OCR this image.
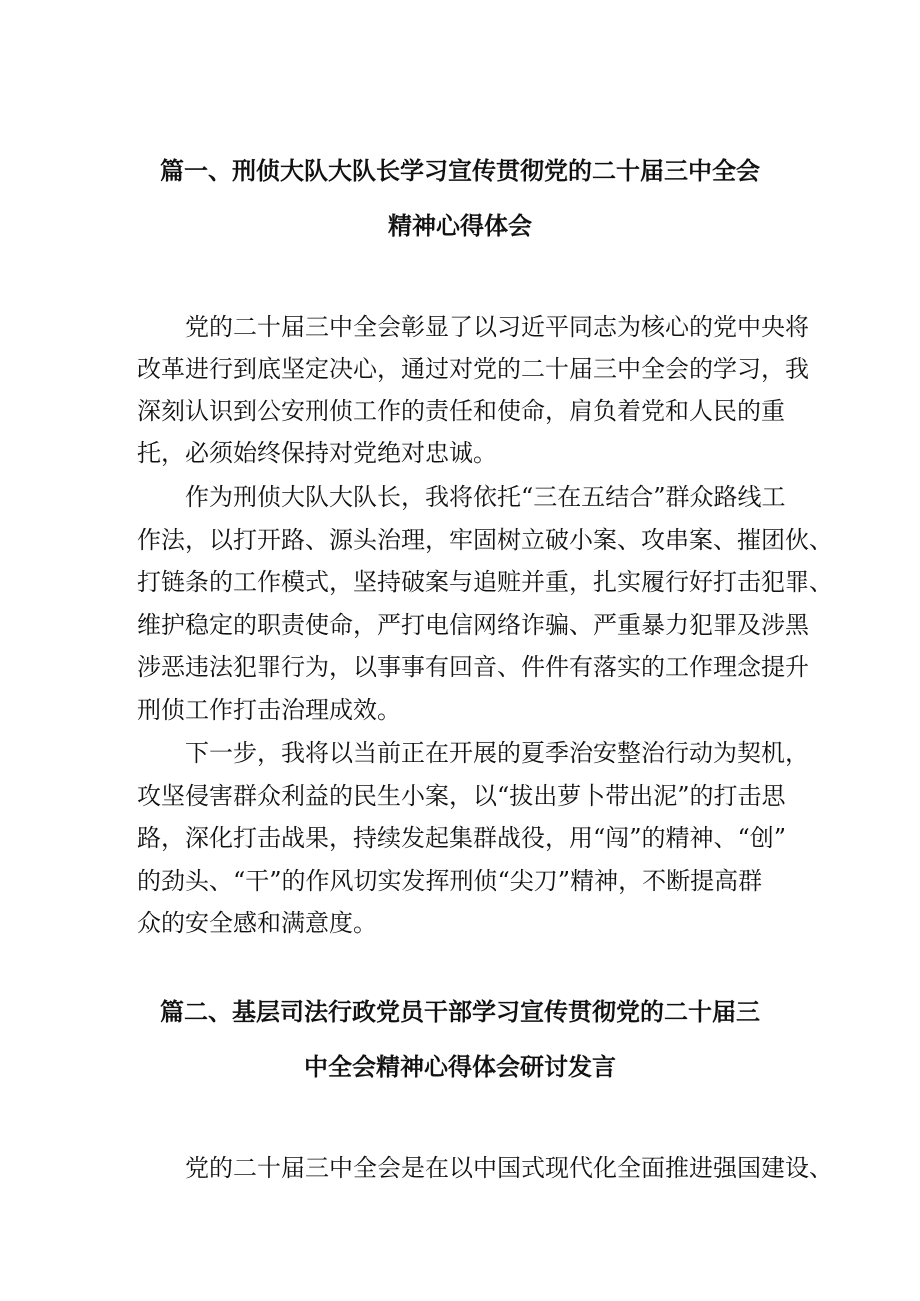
篇一、刑侦大队大队长学习宣传贯彻党的二十届三中全会
精神心得体会
党的二十届三中全会彰显了以习近平同志为核心的党中央将
改革进行到底坚定决心，通过对党的二十届三中全会的学习，我
深刻认识到公安刑侦工作的责任和使命，肩负着党和人民的重
托，必须始终保持对党绝对忠诚。
作为刑侦大队大队长，我将依托“三在五结合”群众路线工
作法，以打开路、源头治理，牢固树立破小案、攻串案、摧团伙、
打链条的工作模式，坚持破案与追赃并重，扎实履行好打击犯罪、
维护稳定的职责使命，严打电信网络诈骗、严重暴力犯罪及涉黑
涉恶违法犯罪行为，以事事有回音、件件有落实的工作理念提升
刑侦工作打击治理成效。
下一步，我将以当前正在开展的夏季治安整治行动为契机，
攻坚侵害群众利益的民生小案，以“拔出萝卜带出泥”的打击思
路，深化打击战果，持续发起集群战役，用“闯”的精神、“创”
的劲头、“干”的作风切实发挥刑侦“尖刀”精神，不断提高群
众的安全感和满意度。
篇二、基层司法行政党员干部学习宣传贯彻党的二十届三
中全会精神心得体会研讨发言
党的二十届三中全会是在以中国式现代化全面推进强国建设、
